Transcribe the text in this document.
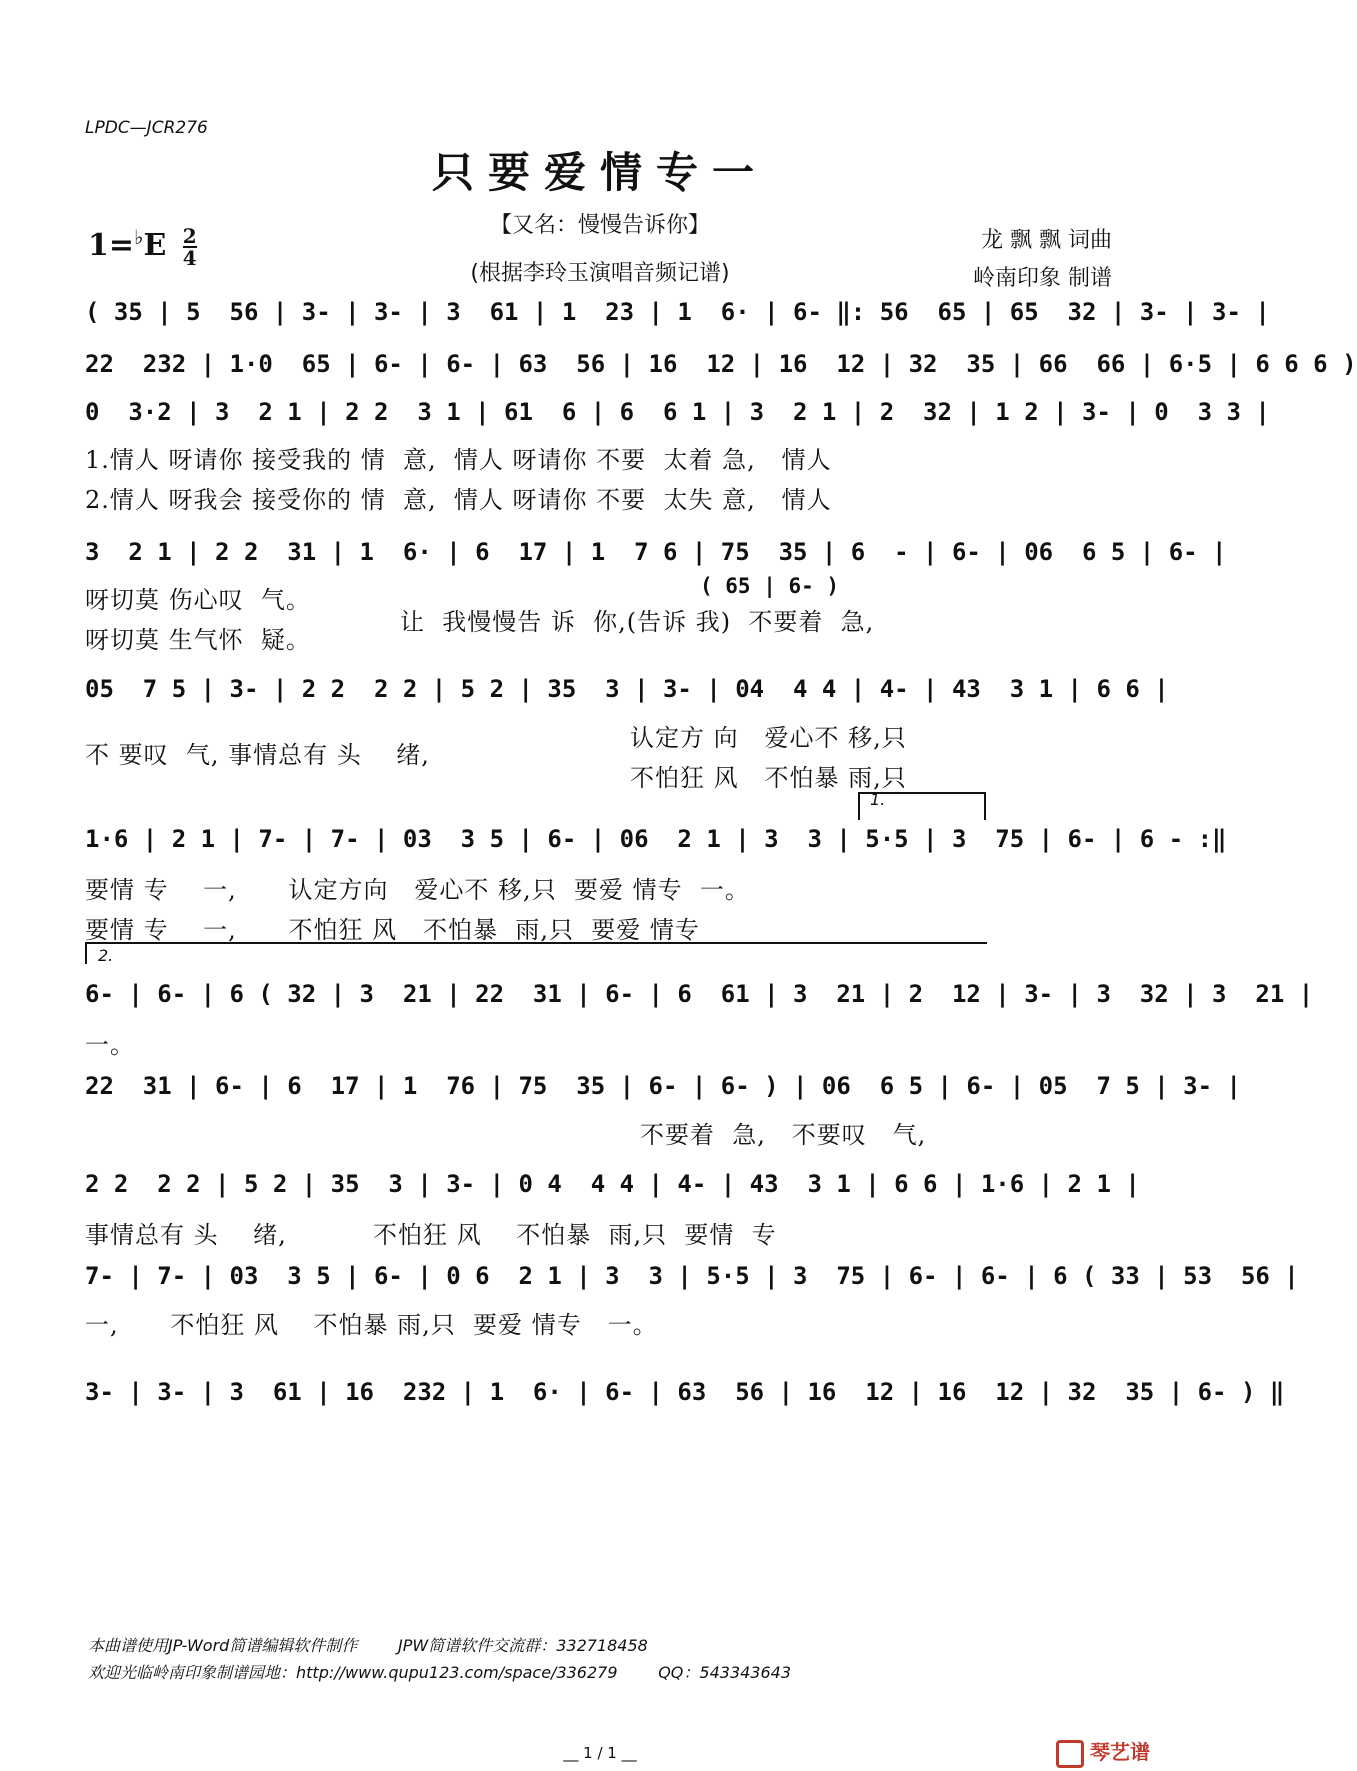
LPDC—JCR276
只要爱情专一
$1=^♭E \frac{2}{4}$
【又名：慢慢告诉你】
(根据李玲玉演唱音频记谱)
龙 飘 飘 词曲
岭南印象 制谱
( 35 | 5  56 | 3- | 3- | 3  61 | 1  23 | 1  6· | 6- ‖: 56  65 | 65  32 | 3- | 3- |
22  232 | 1·0  65 | 6- | 6- | 63  56 | 16  12 | 16  12 | 32  35 | 66  66 | 6·5 | 6 6 6 )
0  3·2 | 3  2 1 | 2 2  3 1 | 61  6 | 6  6 1 | 3  2 1 | 2  32 | 1 2 | 3- | 0  3 3 |
1.情人 呀请你 接受我的 情  意,  情人 呀请你 不要  太着 急,   情人
2.情人 呀我会 接受你的 情  意,  情人 呀请你 不要  太失 意,   情人
3  2 1 | 2 2  31 | 1  6· | 6  17 | 1  7 6 | 75  35 | 6  - | 6- | 06  6 5 | 6- |
( 65 | 6- )
呀切莫 伤心叹  气。
呀切莫 生气怀  疑。
让  我慢慢告 诉  你,(告诉 我)  不要着  急,
05  7 5 | 3- | 2 2  2 2 | 5 2 | 35  3 | 3- | 04  4 4 | 4- | 43  3 1 | 6 6 |
不 要叹  气, 事情总有 头    绪,
认定方 向   爱心不 移,只
不怕狂 风   不怕暴 雨,只
1.
1·6 | 2 1 | 7- | 7- | 03  3 5 | 6- | 06  2 1 | 3  3 | 5·5 | 3  75 | 6- | 6 - :‖
要情 专    一,      认定方向   爱心不 移,只  要爱 情专  一。
要情 专    一,      不怕狂 风   不怕暴  雨,只  要爱 情专
2.
6- | 6- | 6 ( 32 | 3  21 | 22  31 | 6- | 6  61 | 3  21 | 2  12 | 3- | 3  32 | 3  21 |
一。
22  31 | 6- | 6  17 | 1  76 | 75  35 | 6- | 6- ) | 06  6 5 | 6- | 05  7 5 | 3- |
不要着  急,   不要叹   气,
2 2  2 2 | 5 2 | 35  3 | 3- | 0 4  4 4 | 4- | 43  3 1 | 6 6 | 1·6 | 2 1 |
事情总有 头    绪,          不怕狂 风    不怕暴  雨,只  要情  专
7- | 7- | 03  3 5 | 6- | 0 6  2 1 | 3  3 | 5·5 | 3  75 | 6- | 6- | 6 ( 33 | 53  56 |
一,      不怕狂 风    不怕暴 雨,只  要爱 情专   一。
3- | 3- | 3  61 | 16  232 | 1  6· | 6- | 63  56 | 16  12 | 16  12 | 32  35 | 6- ) ‖
本曲谱使用JP-Word简谱编辑软件制作        JPW简谱软件交流群：332718458
欢迎光临岭南印象制谱园地：http://www.qupu123.com/space/336279        QQ：543343643
__ 1 / 1 __	琴艺谱
